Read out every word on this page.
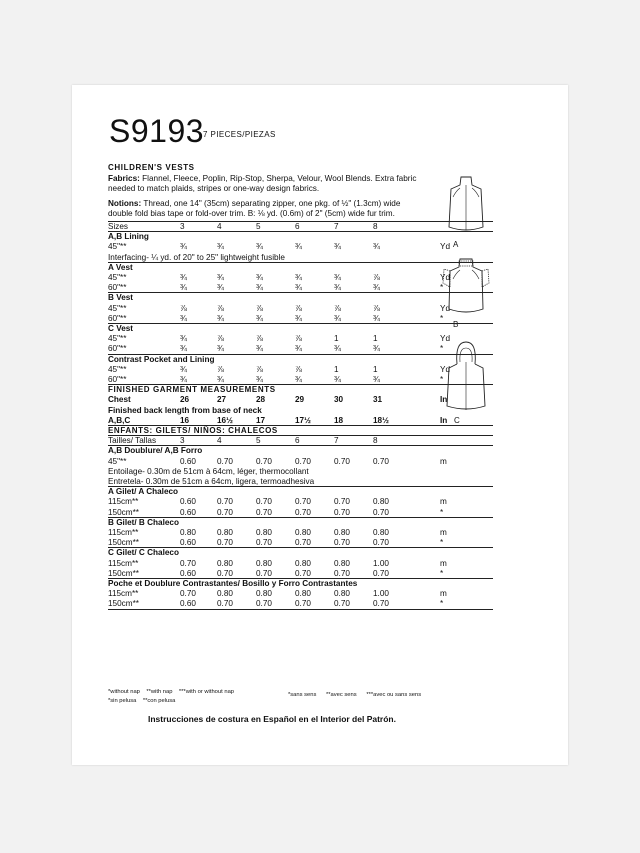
S9193
7 PIECES/PIEZAS
CHILDREN'S VESTS
Fabrics: Flannel, Fleece, Poplin, Rip-Stop, Sherpa, Velour, Wool Blends. Extra fabric
needed to match plaids, stripes or one-way design fabrics.
Notions: Thread, one 14" (35cm) separating zipper, one pkg. of ½" (1.3cm) wide
double fold bias tape or fold-over trim. B: ⅛ yd. (0.6m) of 2" (5cm) wide fur trim.
A
B
C
*without nap **with nap ***with or without nap
*sin pelusa **con pelusa
*sans sens **avec sens ***avec ou sans sens
Instrucciones de costura en Español en el Interior del Patrón.
Sizes	3	4	5	6	7	8
A,B Lining
45"**	¾	¾	¾	¾	¾	¾	Yd
Interfacing- ¼ yd. of 20" to 25" lightweight fusible
A Vest
45"**	¾	¾	¾	¾	¾	⅞	Yd
60"**	¾	¾	¾	¾	¾	¾	*
B Vest
45"**	⅞	⅞	⅞	⅞	⅞	⅞	Yd
60"**	¾	¾	¾	¾	¾	¾	*
C Vest
45"**	¾	⅞	⅞	⅞	1	1	Yd
60"**	¾	¾	¾	¾	¾	¾	*
Contrast Pocket and Lining
45"**	¾	⅞	⅞	⅞	1	1	Yd
60"**	¾	¾	¾	¾	¾	¾	*
FINISHED GARMENT MEASUREMENTS
Chest	26	27	28	29	30	31	In
Finished back length from base of neck
A,B,C	16	16½	17	17½	18	18½	In
ENFANTS: GILETS/ NIÑOS: CHALECOS
Tailles/ Tallas	3	4	5	6	7	8
A,B Doublure/ A,B Forro
45"**	0.60	0.70	0.70	0.70	0.70	0.70	m
Entoilage- 0.30m de 51cm à 64cm, léger, thermocollant
Entretela- 0.30m de 51cm a 64cm, ligera, termoadhesiva
A Gilet/ A Chaleco
115cm**	0.60	0.70	0.70	0.70	0.70	0.80	m
150cm**	0.60	0.70	0.70	0.70	0.70	0.70	*
B Gilet/ B Chaleco
115cm**	0.80	0.80	0.80	0.80	0.80	0.80	m
150cm**	0.60	0.70	0.70	0.70	0.70	0.70	*
C Gilet/ C Chaleco
115cm**	0.70	0.80	0.80	0.80	0.80	1.00	m
150cm**	0.60	0.70	0.70	0.70	0.70	0.70	*
Poche et Doublure Contrastantes/ Bosillo y Forro Contrastantes
115cm**	0.70	0.80	0.80	0.80	0.80	1.00	m
150cm**	0.60	0.70	0.70	0.70	0.70	0.70	*
